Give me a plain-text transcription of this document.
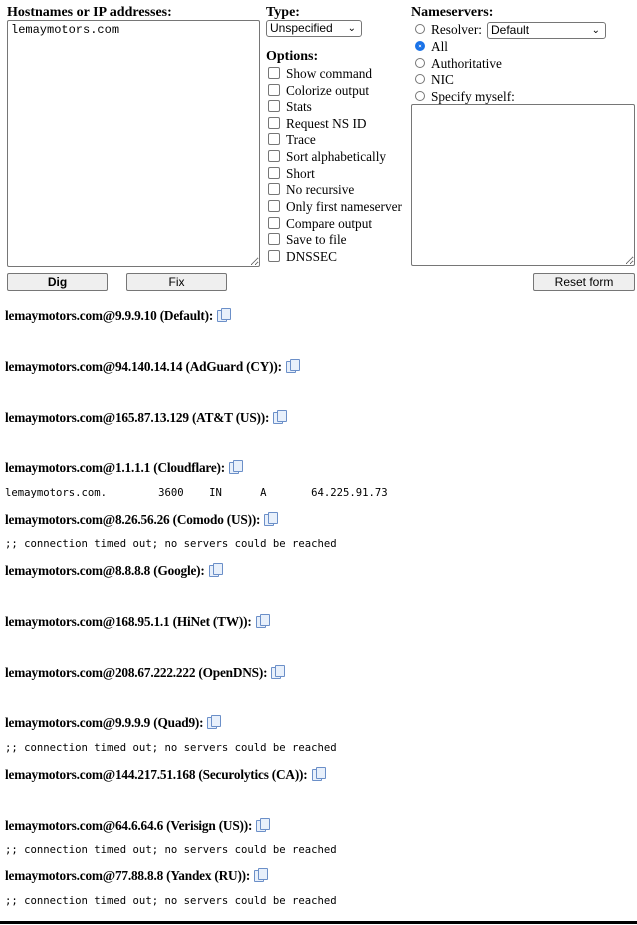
Hostnames or IP addresses:
lemaymotors.com	Type:
Unspecified ⌄
Options:
Show command
Colorize output
Stats
Request NS ID
Trace
Sort alphabetically
Short
No recursive
Only first nameserver
Compare output
Save to file
DNSSEC
Nameservers:
Resolver: Default	⌄
All
Authoritative
NIC
Specify myself:
Dig	Fix	Reset form
lemaymotors.com@9.9.9.10 (Default):
lemaymotors.com@94.140.14.14 (AdGuard (CY)):
lemaymotors.com@165.87.13.129 (AT&T (US)):
lemaymotors.com@1.1.1.1 (Cloudflare):
lemaymotors.com.        3600    IN      A       64.225.91.73
lemaymotors.com@8.26.56.26 (Comodo (US)):
;; connection timed out; no servers could be reached
lemaymotors.com@8.8.8.8 (Google):
lemaymotors.com@168.95.1.1 (HiNet (TW)):
lemaymotors.com@208.67.222.222 (OpenDNS):
lemaymotors.com@9.9.9.9 (Quad9):
;; connection timed out; no servers could be reached
lemaymotors.com@144.217.51.168 (Securolytics (CA)):
lemaymotors.com@64.6.64.6 (Verisign (US)):
;; connection timed out; no servers could be reached
lemaymotors.com@77.88.8.8 (Yandex (RU)):
;; connection timed out; no servers could be reached
